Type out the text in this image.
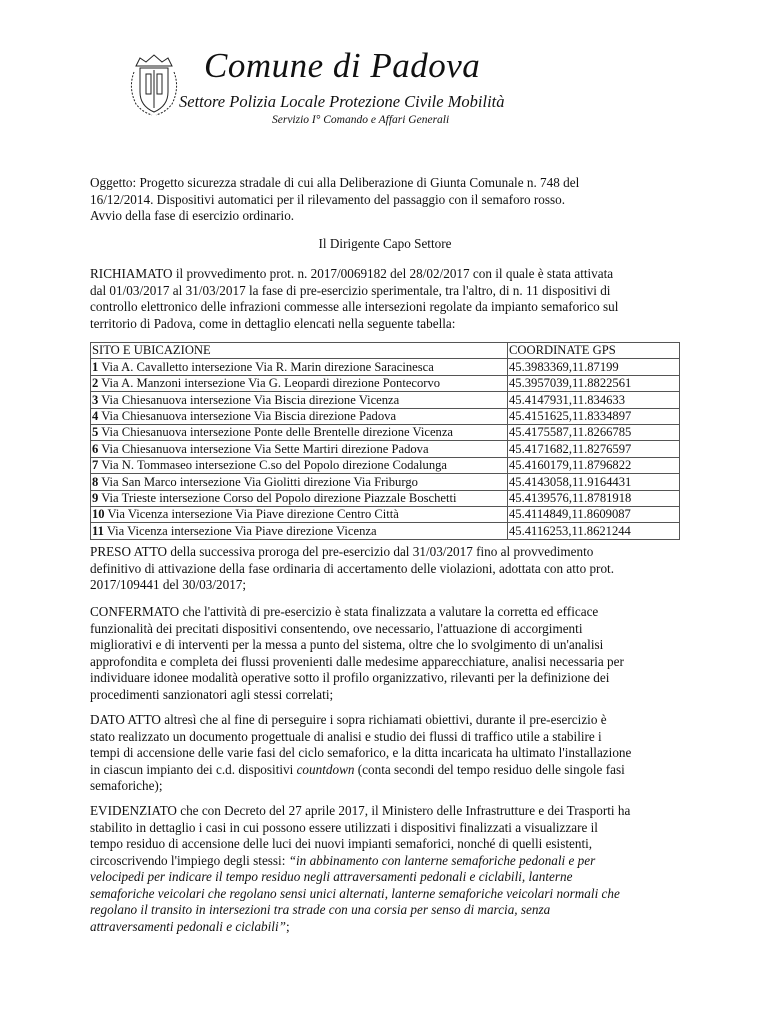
Comune di Padova
Settore Polizia Locale Protezione Civile Mobilità
Servizio I° Comando e Affari Generali

Oggetto: Progetto sicurezza stradale di cui alla Deliberazione di Giunta Comunale n. 748 del
16/12/2014. Dispositivi automatici per il rilevamento del passaggio con il semaforo rosso.
Avvio della fase di esercizio ordinario.

Il Dirigente Capo Settore

RICHIAMATO il provvedimento prot. n. 2017/0069182 del 28/02/2017 con il quale è stata attivata
dal 01/03/2017 al 31/03/2017 la fase di pre-esercizio sperimentale, tra l'altro, di n. 11 dispositivi di
controllo elettronico delle infrazioni commesse alle intersezioni regolate da impianto semaforico sul
territorio di Padova, come in dettaglio elencati nella seguente tabella:

SITO E UBICAZIONE	COORDINATE GPS
1 Via A. Cavalletto intersezione Via R. Marin direzione Saracinesca	45.3983369,11.87199
2 Via A. Manzoni intersezione Via G. Leopardi direzione Pontecorvo	45.3957039,11.8822561
3 Via Chiesanuova intersezione Via Biscia direzione Vicenza	45.4147931,11.834633
4 Via Chiesanuova intersezione Via Biscia direzione Padova	45.4151625,11.8334897
5 Via Chiesanuova intersezione Ponte delle Brentelle direzione Vicenza	45.4175587,11.8266785
6 Via Chiesanuova intersezione Via Sette Martiri direzione Padova	45.4171682,11.8276597
7 Via N. Tommaseo intersezione C.so del Popolo direzione Codalunga	45.4160179,11.8796822
8 Via San Marco intersezione Via Giolitti direzione Via Friburgo	45.4143058,11.9164431
9 Via Trieste intersezione Corso del Popolo direzione Piazzale Boschetti	45.4139576,11.8781918
10 Via Vicenza intersezione Via Piave direzione Centro Città	45.4114849,11.8609087
11 Via Vicenza intersezione Via Piave direzione Vicenza	45.4116253,11.8621244

PRESO ATTO della successiva proroga del pre-esercizio dal 31/03/2017 fino al provvedimento
definitivo di attivazione della fase ordinaria di accertamento delle violazioni, adottata con atto prot.
2017/109441 del 30/03/2017;

CONFERMATO che l'attività di pre-esercizio è stata finalizzata a valutare la corretta ed efficace
funzionalità dei precitati dispositivi consentendo, ove necessario, l'attuazione di accorgimenti
migliorativi e di interventi per la messa a punto del sistema, oltre che lo svolgimento di un'analisi
approfondita e completa dei flussi provenienti dalle medesime apparecchiature, analisi necessaria per
individuare idonee modalità operative sotto il profilo organizzativo, rilevanti per la definizione dei
procedimenti sanzionatori agli stessi correlati;

DATO ATTO altresì che al fine di perseguire i sopra richiamati obiettivi, durante il pre-esercizio è
stato realizzato un documento progettuale di analisi e studio dei flussi di traffico utile a stabilire i
tempi di accensione delle varie fasi del ciclo semaforico, e la ditta incaricata ha ultimato l'installazione
in ciascun impianto dei c.d. dispositivi countdown (conta secondi del tempo residuo delle singole fasi
semaforiche);

EVIDENZIATO che con Decreto del 27 aprile 2017, il Ministero delle Infrastrutture e dei Trasporti ha
stabilito in dettaglio i casi in cui possono essere utilizzati i dispositivi finalizzati a visualizzare il
tempo residuo di accensione delle luci dei nuovi impianti semaforici, nonché di quelli esistenti,
circoscrivendo l'impiego degli stessi: “in abbinamento con lanterne semaforiche pedonali e per
velocipedi per indicare il tempo residuo negli attraversamenti pedonali e ciclabili, lanterne
semaforiche veicolari che regolano sensi unici alternati, lanterne semaforiche veicolari normali che
regolano il transito in intersezioni tra strade con una corsia per senso di marcia, senza
attraversamenti pedonali e ciclabili”;
